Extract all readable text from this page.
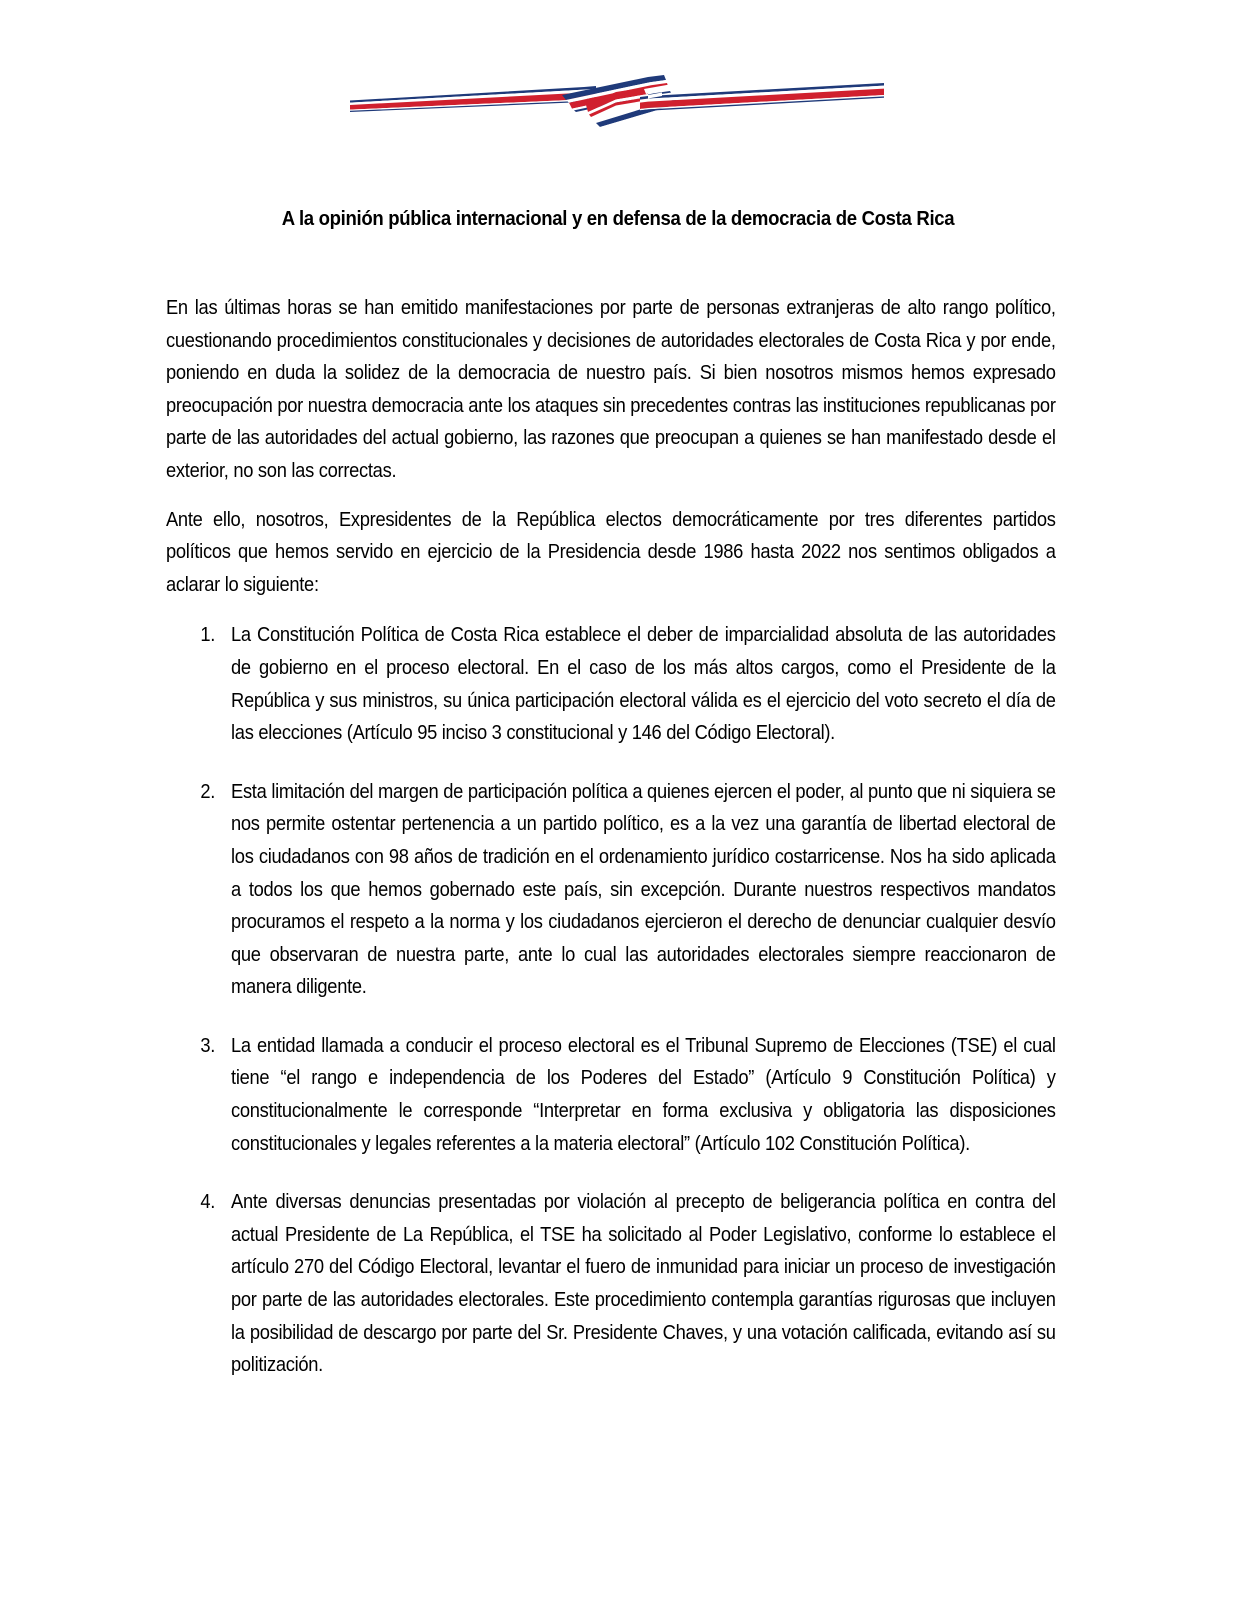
A la opinión pública internacional y en defensa de la democracia de Costa Rica

En las últimas horas se han emitido manifestaciones por parte de personas extranjeras de alto rango político, cuestionando procedimientos constitucionales y decisiones de autoridades electorales de Costa Rica y por ende, poniendo en duda la solidez de la democracia de nuestro país. Si bien nosotros mismos hemos expresado preocupación por nuestra democracia ante los ataques sin precedentes contras las instituciones republicanas por parte de las autoridades del actual gobierno, las razones que preocupan a quienes se han manifestado desde el exterior, no son las correctas.

Ante ello, nosotros, Expresidentes de la República electos democráticamente por tres diferentes partidos políticos que hemos servido en ejercicio de la Presidencia desde 1986 hasta 2022 nos sentimos obligados a aclarar lo siguiente:

1. La Constitución Política de Costa Rica establece el deber de imparcialidad absoluta de las autoridades de gobierno en el proceso electoral. En el caso de los más altos cargos, como el Presidente de la República y sus ministros, su única participación electoral válida es el ejercicio del voto secreto el día de las elecciones (Artículo 95 inciso 3 constitucional y 146 del Código Electoral).
2. Esta limitación del margen de participación política a quienes ejercen el poder, al punto que ni siquiera se nos permite ostentar pertenencia a un partido político, es a la vez una garantía de libertad electoral de los ciudadanos con 98 años de tradición en el ordenamiento jurídico costarricense. Nos ha sido aplicada a todos los que hemos gobernado este país, sin excepción. Durante nuestros respectivos mandatos procuramos el respeto a la norma y los ciudadanos ejercieron el derecho de denunciar cualquier desvío que observaran de nuestra parte, ante lo cual las autoridades electorales siempre reaccionaron de manera diligente.
3. La entidad llamada a conducir el proceso electoral es el Tribunal Supremo de Elecciones (TSE) el cual tiene “el rango e independencia de los Poderes del Estado” (Artículo 9 Constitución Política) y constitucionalmente le corresponde “Interpretar en forma exclusiva y obligatoria las disposiciones constitucionales y legales referentes a la materia electoral” (Artículo 102 Constitución Política).
4. Ante diversas denuncias presentadas por violación al precepto de beligerancia política en contra del actual Presidente de La República, el TSE ha solicitado al Poder Legislativo, conforme lo establece el artículo 270 del Código Electoral, levantar el fuero de inmunidad para iniciar un proceso de investigación por parte de las autoridades electorales. Este procedimiento contempla garantías rigurosas que incluyen la posibilidad de descargo por parte del Sr. Presidente Chaves, y una votación calificada, evitando así su politización.
